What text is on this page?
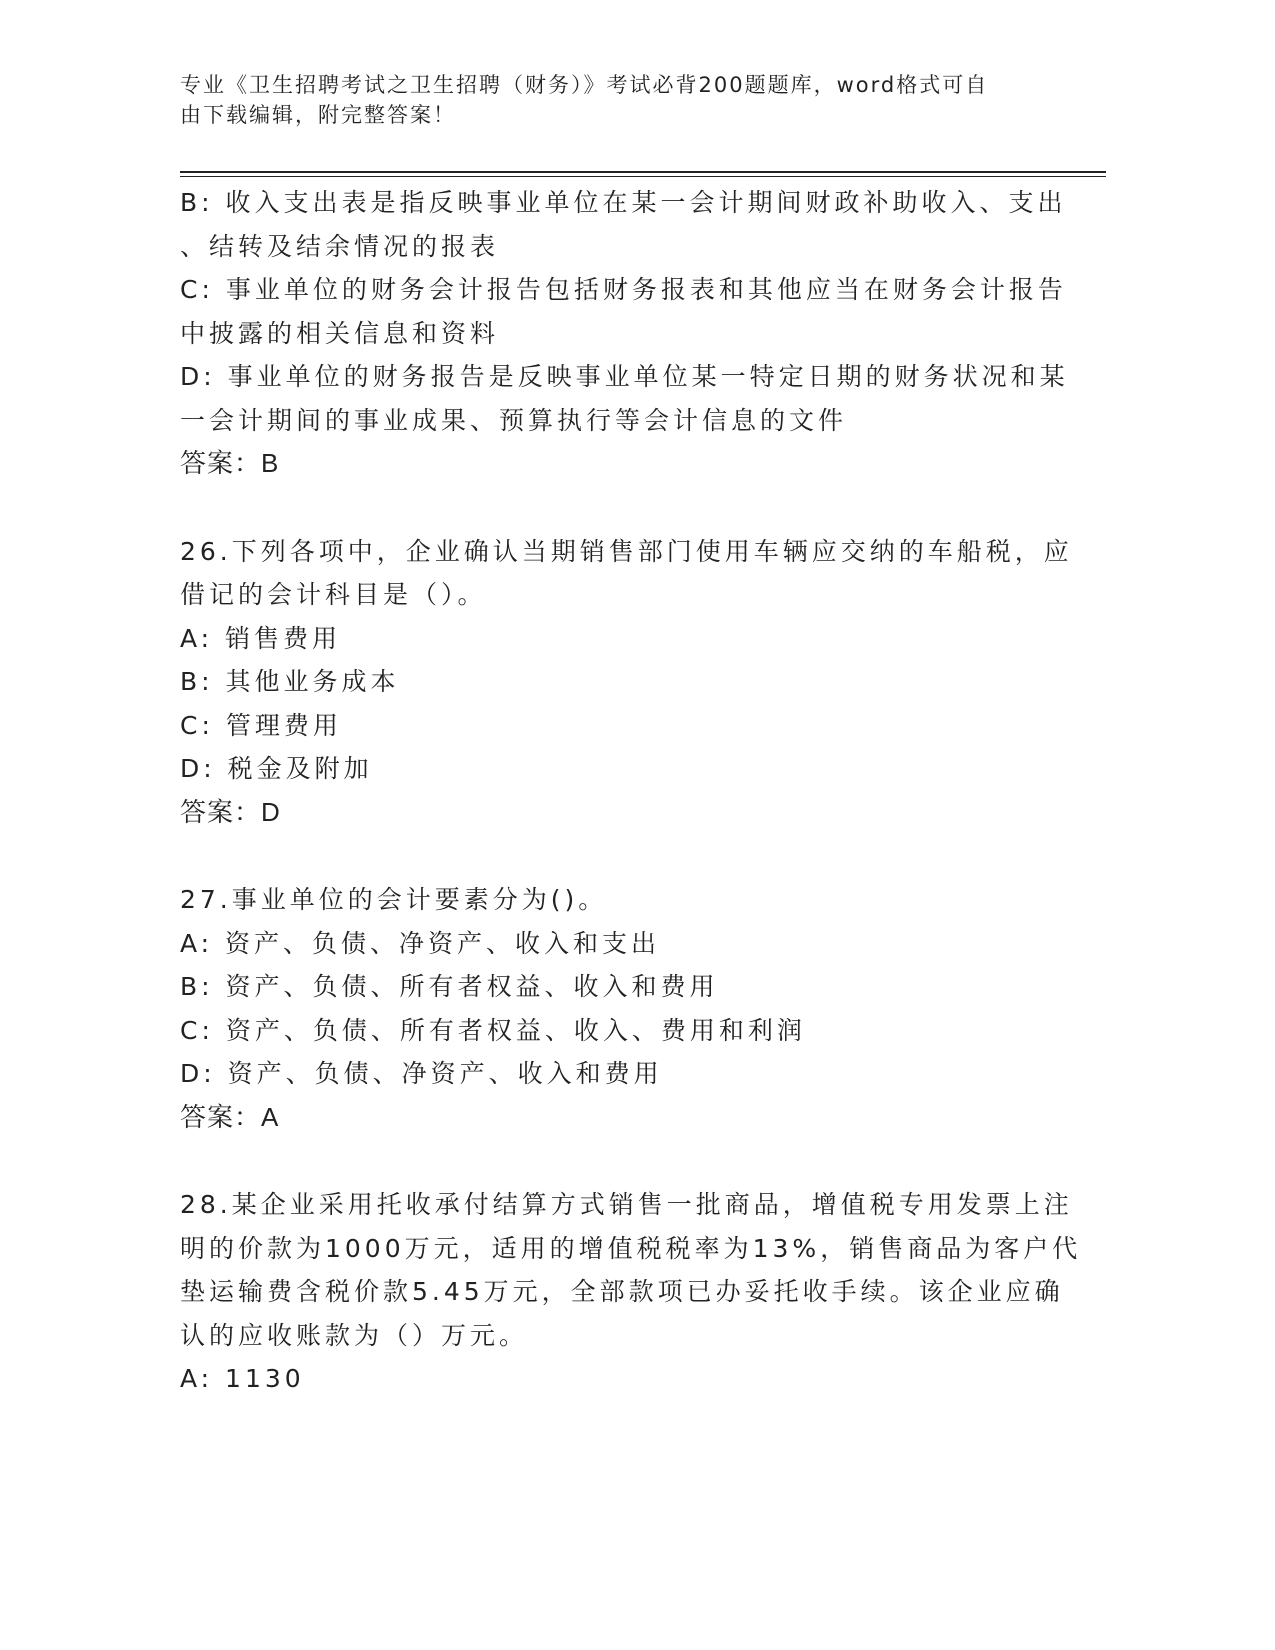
专业《卫生招聘考试之卫生招聘（财务）》考试必背200题题库，word格式可自
由下载编辑，附完整答案！
B: 收入支出表是指反映事业单位在某一会计期间财政补助收入、支出
、结转及结余情况的报表
C: 事业单位的财务会计报告包括财务报表和其他应当在财务会计报告
中披露的相关信息和资料
D: 事业单位的财务报告是反映事业单位某一特定日期的财务状况和某
一会计期间的事业成果、预算执行等会计信息的文件
答案：B
26.下列各项中，企业确认当期销售部门使用车辆应交纳的车船税，应
借记的会计科目是（）。
A: 销售费用
B: 其他业务成本
C: 管理费用
D: 税金及附加
答案：D
27.事业单位的会计要素分为()。
A: 资产、负债、净资产、收入和支出
B: 资产、负债、所有者权益、收入和费用
C: 资产、负债、所有者权益、收入、费用和利润
D: 资产、负债、净资产、收入和费用
答案：A
28.某企业采用托收承付结算方式销售一批商品，增值税专用发票上注
明的价款为1000万元，适用的增值税税率为13%，销售商品为客户代
垫运输费含税价款5.45万元，全部款项已办妥托收手续。该企业应确
认的应收账款为（）万元。
A: 1130
